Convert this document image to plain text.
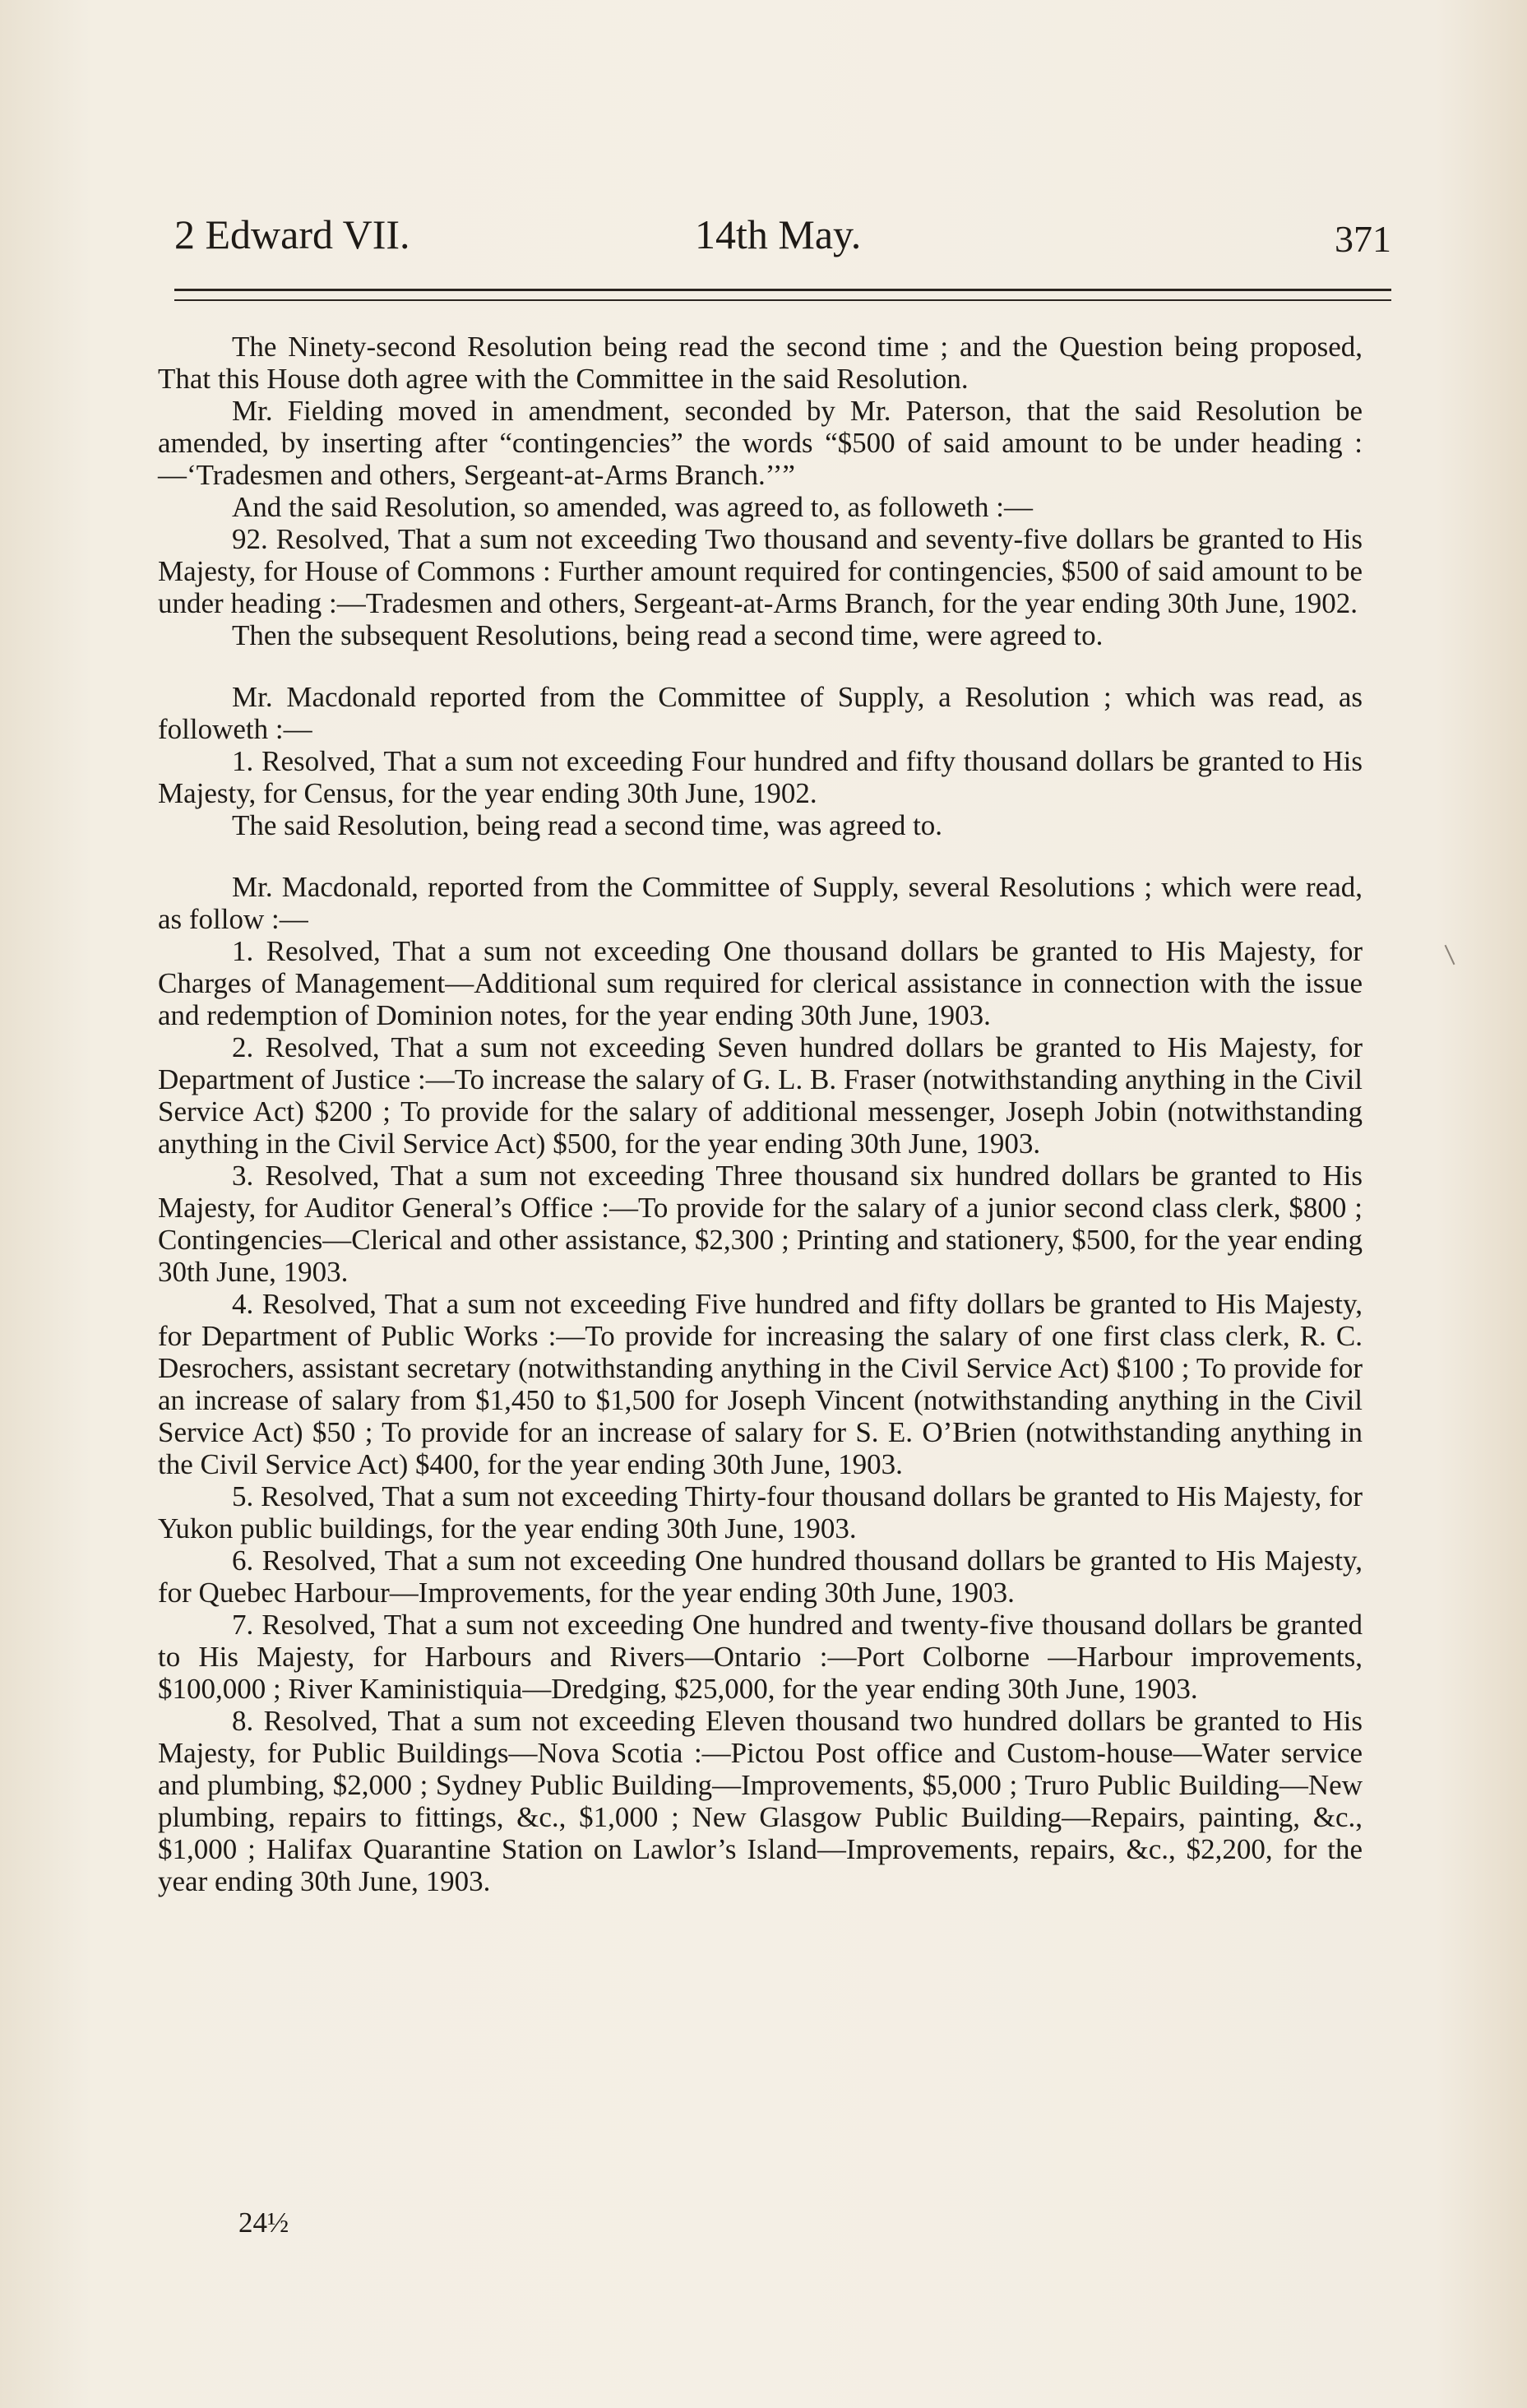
2 Edward VII.	14th May.	371

The Ninety-second Resolution being read the second time ; and the Question being proposed, That this House doth agree with the Committee in the said Resolution.

Mr. Fielding moved in amendment, seconded by Mr. Paterson, that the said Resolution be amended, by inserting after “contingencies” the words “$500 of said amount to be under heading :—‘Tradesmen and others, Sergeant-at-Arms Branch.’’”

And the said Resolution, so amended, was agreed to, as followeth :—

92. Resolved, That a sum not exceeding Two thousand and seventy-five dollars be granted to His Majesty, for House of Commons : Further amount required for contingencies, $500 of said amount to be under heading :—Tradesmen and others, Sergeant-at-Arms Branch, for the year ending 30th June, 1902.

Then the subsequent Resolutions, being read a second time, were agreed to.

Mr. Macdonald reported from the Committee of Supply, a Resolution ; which was read, as followeth :—

1. Resolved, That a sum not exceeding Four hundred and fifty thousand dollars be granted to His Majesty, for Census, for the year ending 30th June, 1902.

The said Resolution, being read a second time, was agreed to.

Mr. Macdonald, reported from the Committee of Supply, several Resolutions ; which were read, as follow :—

1. Resolved, That a sum not exceeding One thousand dollars be granted to His Majesty, for Charges of Management—Additional sum required for clerical assistance in connection with the issue and redemption of Dominion notes, for the year ending 30th June, 1903.

2. Resolved, That a sum not exceeding Seven hundred dollars be granted to His Majesty, for Department of Justice :—To increase the salary of G. L. B. Fraser (notwithstanding anything in the Civil Service Act) $200 ; To provide for the salary of additional messenger, Joseph Jobin (notwithstanding anything in the Civil Service Act) $500, for the year ending 30th June, 1903.

3. Resolved, That a sum not exceeding Three thousand six hundred dollars be granted to His Majesty, for Auditor General’s Office :—To provide for the salary of a junior second class clerk, $800 ; Contingencies—Clerical and other assistance, $2,300 ; Printing and stationery, $500, for the year ending 30th June, 1903.

4. Resolved, That a sum not exceeding Five hundred and fifty dollars be granted to His Majesty, for Department of Public Works :—To provide for increasing the salary of one first class clerk, R. C. Desrochers, assistant secretary (notwithstanding anything in the Civil Service Act) $100 ; To provide for an increase of salary from $1,450 to $1,500 for Joseph Vincent (notwithstanding anything in the Civil Service Act) $50 ; To provide for an increase of salary for S. E. O’Brien (notwithstanding anything in the Civil Service Act) $400, for the year ending 30th June, 1903.

5. Resolved, That a sum not exceeding Thirty-four thousand dollars be granted to His Majesty, for Yukon public buildings, for the year ending 30th June, 1903.

6. Resolved, That a sum not exceeding One hundred thousand dollars be granted to His Majesty, for Quebec Harbour—Improvements, for the year ending 30th June, 1903.

7. Resolved, That a sum not exceeding One hundred and twenty-five thousand dollars be granted to His Majesty, for Harbours and Rivers—Ontario :—Port Colborne —Harbour improvements, $100,000 ; River Kaministiquia—Dredging, $25,000, for the year ending 30th June, 1903.

8. Resolved, That a sum not exceeding Eleven thousand two hundred dollars be granted to His Majesty, for Public Buildings—Nova Scotia :—Pictou Post office and Custom-house—Water service and plumbing, $2,000 ; Sydney Public Building—Improvements, $5,000 ; Truro Public Building—New plumbing, repairs to fittings, &c., $1,000 ; New Glasgow Public Building—Repairs, painting, &c., $1,000 ; Halifax Quarantine Station on Lawlor’s Island—Improvements, repairs, &c., $2,200, for the year ending 30th June, 1903.

24½
